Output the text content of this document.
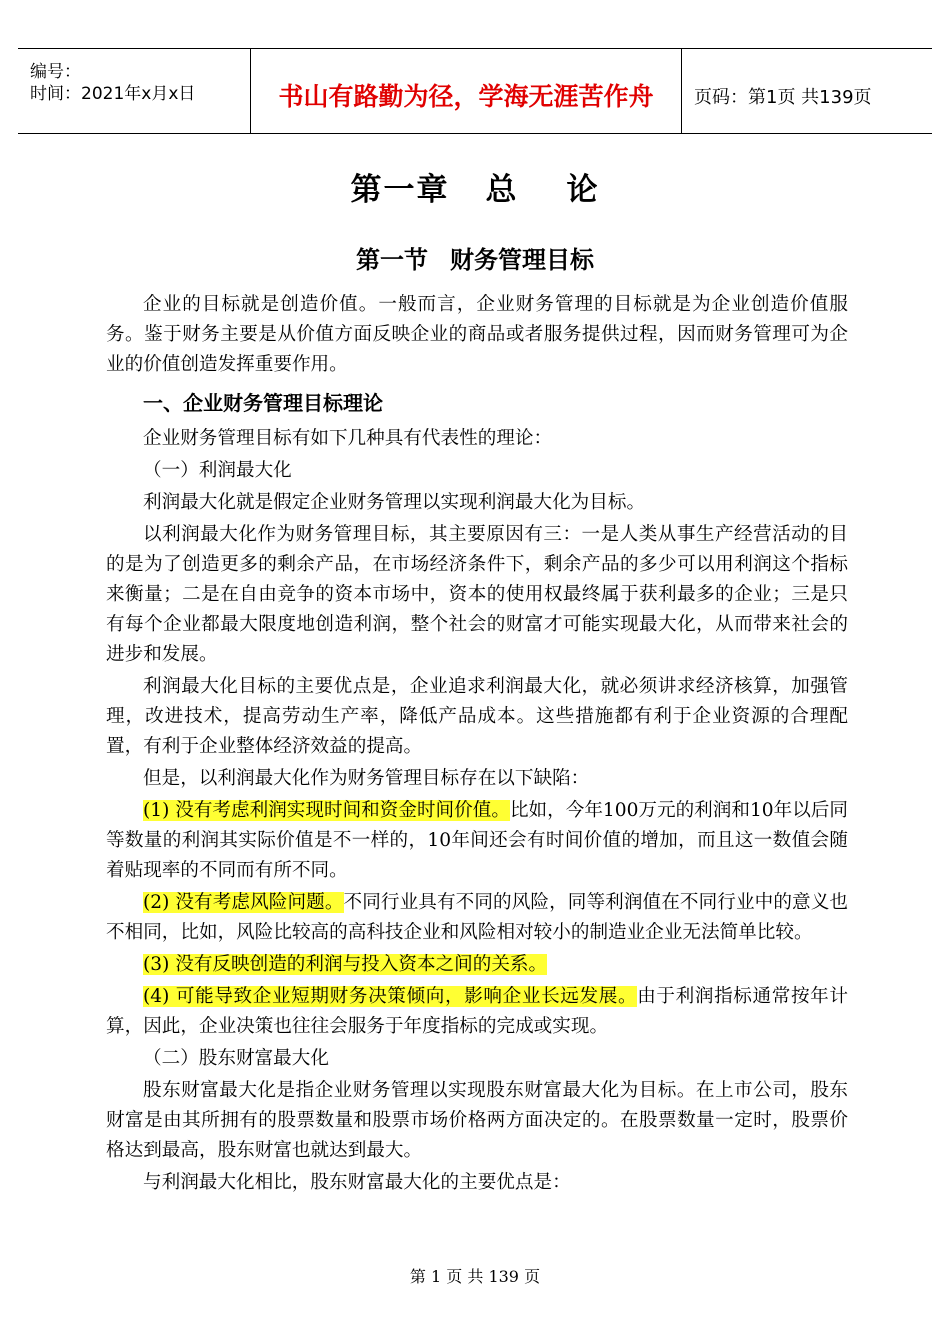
编号：
时间：2021年x月x日	书山有路勤为径，学海无涯苦作舟	页码：第1页 共139页
第一章 总 论
第一节 财务管理目标

企业的目标就是创造价值。一般而言，企业财务管理的目标就是为企业创造价值服务。鉴于财务主要是从价值方面反映企业的商品或者服务提供过程，因而财务管理可为企业的价值创造发挥重要作用。

一、企业财务管理目标理论

企业财务管理目标有如下几种具有代表性的理论：

（一）利润最大化

利润最大化就是假定企业财务管理以实现利润最大化为目标。

以利润最大化作为财务管理目标，其主要原因有三：一是人类从事生产经营活动的目的是为了创造更多的剩余产品，在市场经济条件下，剩余产品的多少可以用利润这个指标来衡量；二是在自由竞争的资本市场中，资本的使用权最终属于获利最多的企业；三是只有每个企业都最大限度地创造利润，整个社会的财富才可能实现最大化，从而带来社会的进步和发展。

利润最大化目标的主要优点是，企业追求利润最大化，就必须讲求经济核算，加强管理，改进技术，提高劳动生产率，降低产品成本。这些措施都有利于企业资源的合理配置，有利于企业整体经济效益的提高。

但是，以利润最大化作为财务管理目标存在以下缺陷：

(1) 没有考虑利润实现时间和资金时间价值。比如，今年100万元的利润和10年以后同等数量的利润其实际价值是不一样的，10年间还会有时间价值的增加，而且这一数值会随着贴现率的不同而有所不同。

(2) 没有考虑风险问题。不同行业具有不同的风险，同等利润值在不同行业中的意义也不相同，比如，风险比较高的高科技企业和风险相对较小的制造业企业无法简单比较。

(3) 没有反映创造的利润与投入资本之间的关系。

(4) 可能导致企业短期财务决策倾向，影响企业长远发展。由于利润指标通常按年计算，因此，企业决策也往往会服务于年度指标的完成或实现。

（二）股东财富最大化

股东财富最大化是指企业财务管理以实现股东财富最大化为目标。在上市公司，股东财富是由其所拥有的股票数量和股票市场价格两方面决定的。在股票数量一定时，股票价格达到最高，股东财富也就达到最大。

与利润最大化相比，股东财富最大化的主要优点是：

第 1 页 共 139 页
